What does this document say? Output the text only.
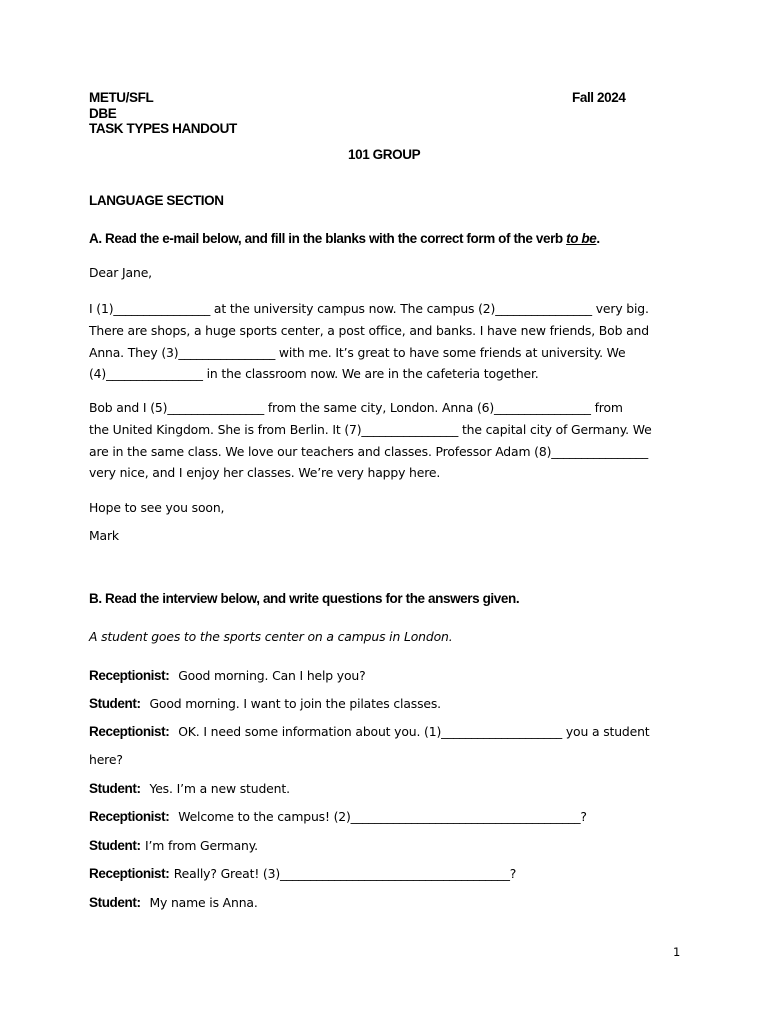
METU/SFL	Fall 2024
DBE
TASK TYPES HANDOUT
101 GROUP
LANGUAGE SECTION
A. Read the e-mail below, and fill in the blanks with the correct form of the verb to be.
Dear Jane,

I (1)________________ at the university campus now. The campus (2)________________ very big.

There are shops, a huge sports center, a post office, and banks. I have new friends, Bob and

Anna. They (3)________________ with me. It’s great to have some friends at university. We

(4)________________ in the classroom now. We are in the cafeteria together.

Bob and I (5)________________ from the same city, London. Anna (6)________________ from

the United Kingdom. She is from Berlin. It (7)________________ the capital city of Germany. We

are in the same class. We love our teachers and classes. Professor Adam (8)________________

very nice, and I enjoy her classes. We’re very happy here.

Hope to see you soon,
Mark
B. Read the interview below, and write questions for the answers given.
A student goes to the sports center on a campus in London.
Receptionist: Good morning. Can I help you?
Student: Good morning. I want to join the pilates classes.
Receptionist: OK. I need some information about you. (1)____________________ you a student
here?
Student: Yes. I’m a new student.
Receptionist: Welcome to the campus! (2)______________________________________?
Student: I’m from Germany.
Receptionist: Really? Great! (3)______________________________________?
Student: My name is Anna.
1
